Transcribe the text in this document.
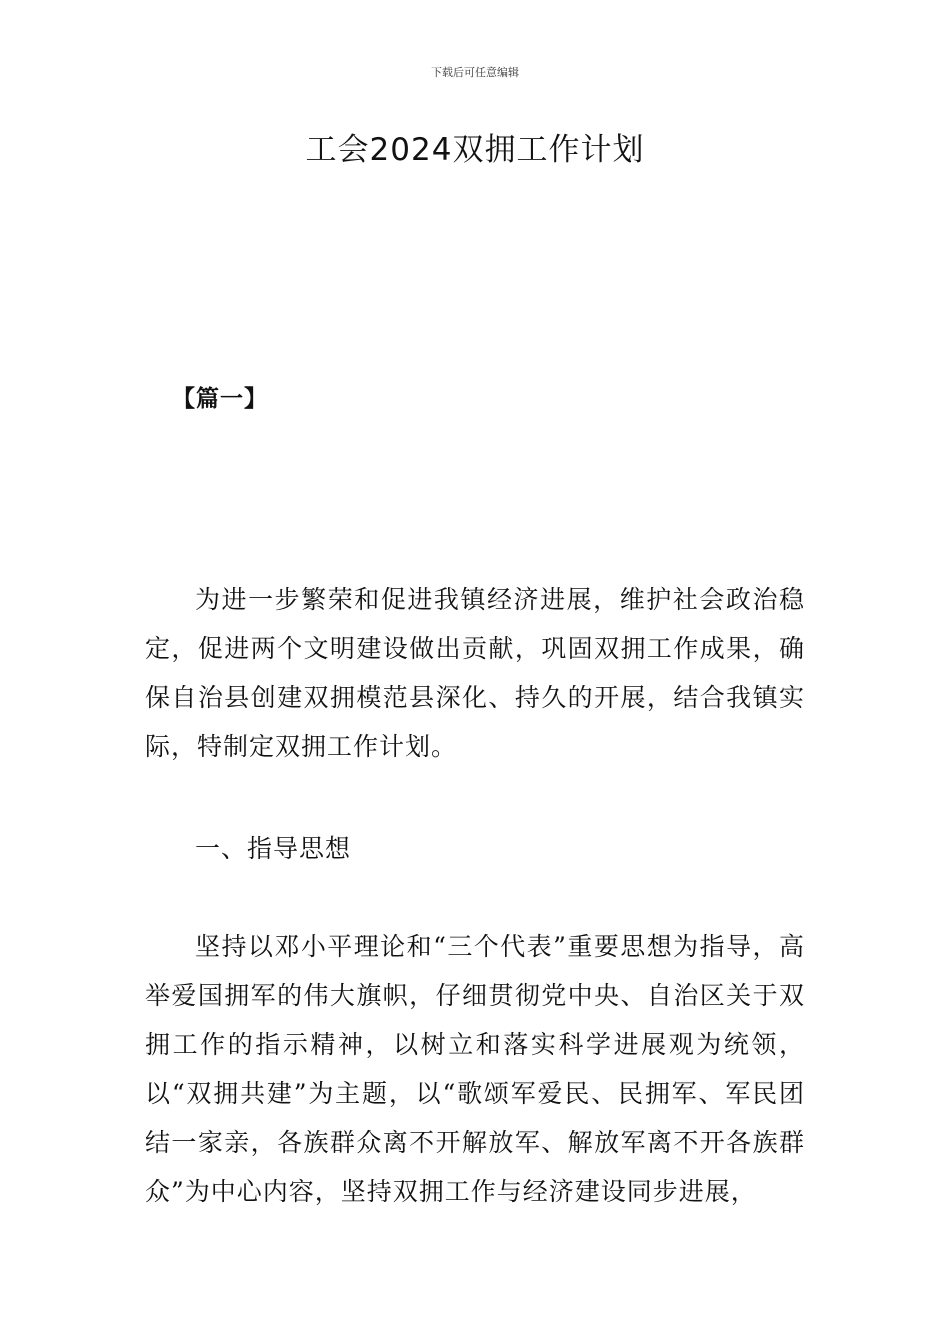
下载后可任意编辑
工会2024双拥工作计划
【篇一】

为进一步繁荣和促进我镇经济进展，维护社会政治稳定，促进两个文明建设做出贡献，巩固双拥工作成果，确保自治县创建双拥模范县深化、持久的开展，结合我镇实际，特制定双拥工作计划。

一、指导思想

坚持以邓小平理论和“三个代表”重要思想为指导，高举爱国拥军的伟大旗帜，仔细贯彻党中央、自治区关于双拥工作的指示精神，以树立和落实科学进展观为统领，以“双拥共建”为主题，以“歌颂军爱民、民拥军、军民团结一家亲，各族群众离不开解放军、解放军离不开各族群众”为中心内容，坚持双拥工作与经济建设同步进展，
